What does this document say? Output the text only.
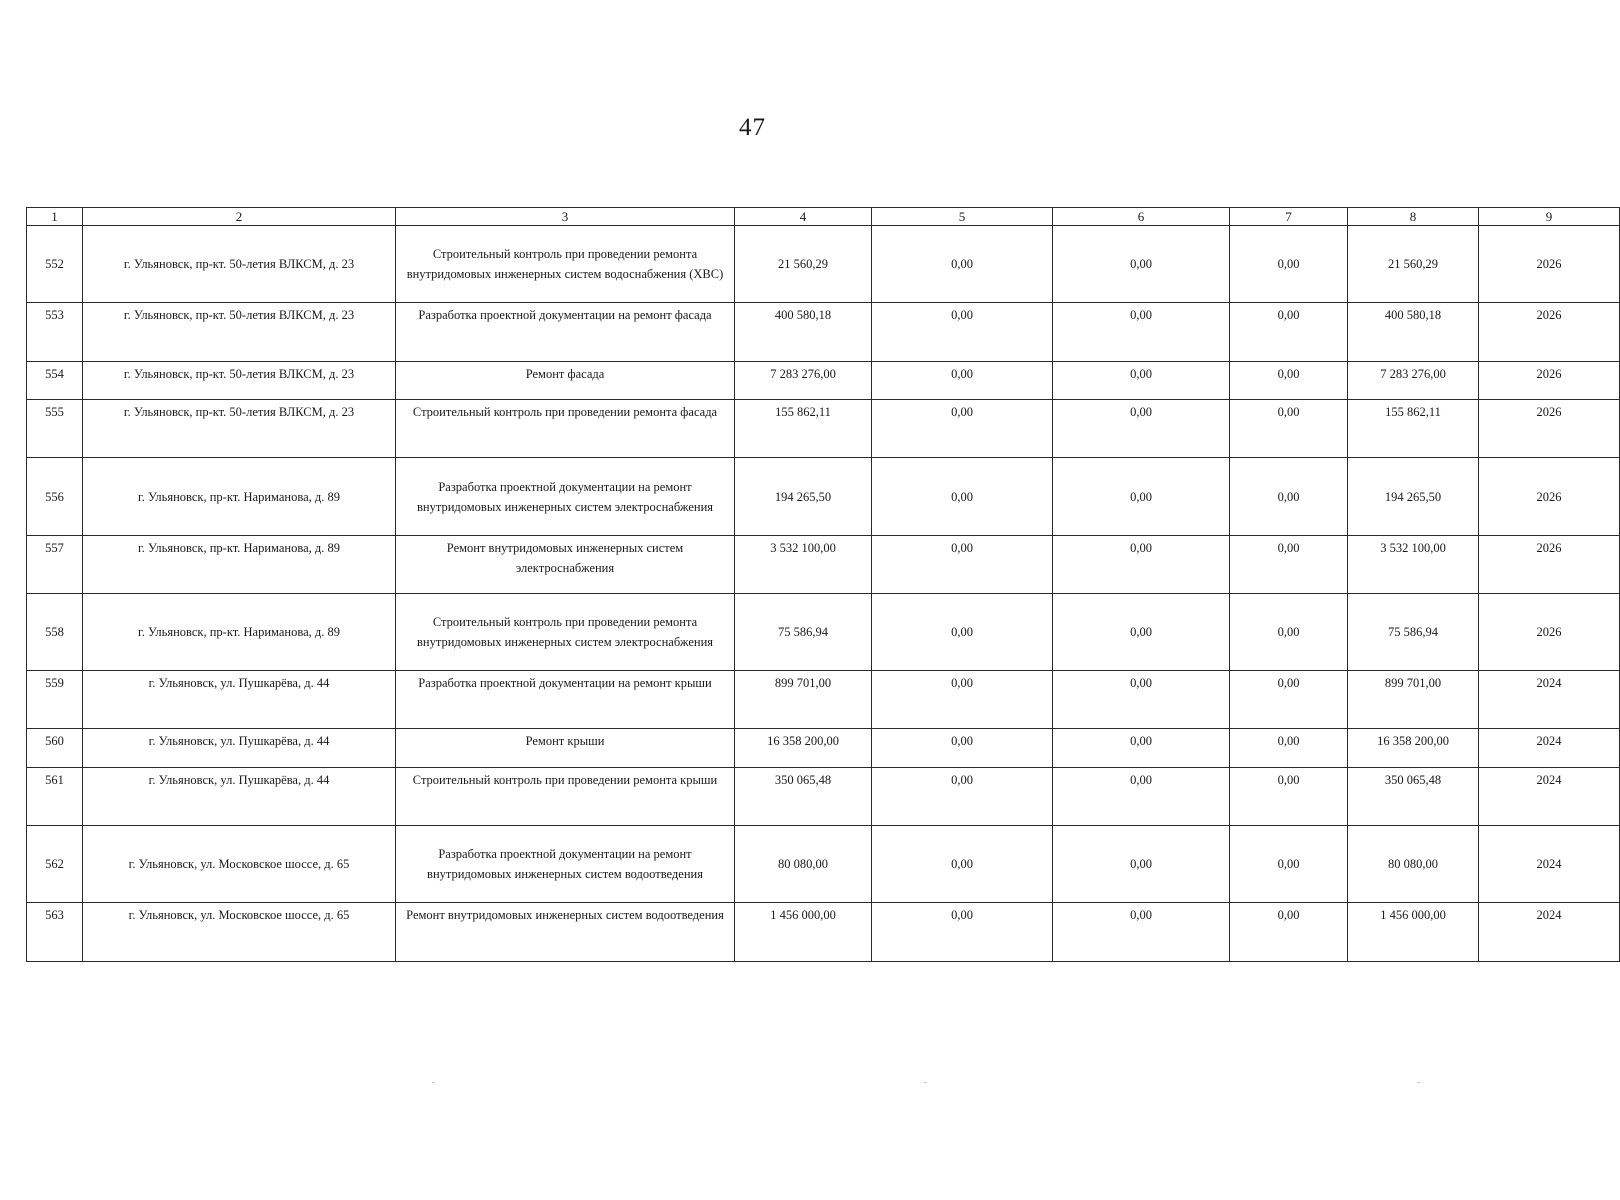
47
1	2	3	4	5	6	7	8	9
552	г. Ульяновск, пр-кт. 50-летия ВЛКСМ, д. 23	Строительный контроль при проведении ремонта внутридомовых инженерных систем водоснабжения (ХВС)	21 560,29	0,00	0,00	0,00	21 560,29	2026
553	г. Ульяновск, пр-кт. 50-летия ВЛКСМ, д. 23	Разработка проектной документации на ремонт фасада	400 580,18	0,00	0,00	0,00	400 580,18	2026
554	г. Ульяновск, пр-кт. 50-летия ВЛКСМ, д. 23	Ремонт фасада	7 283 276,00	0,00	0,00	0,00	7 283 276,00	2026
555	г. Ульяновск, пр-кт. 50-летия ВЛКСМ, д. 23	Строительный контроль при проведении ремонта фасада	155 862,11	0,00	0,00	0,00	155 862,11	2026
556	г. Ульяновск, пр-кт. Нариманова, д. 89	Разработка проектной документации на ремонт внутридомовых инженерных систем электроснабжения	194 265,50	0,00	0,00	0,00	194 265,50	2026
557	г. Ульяновск, пр-кт. Нариманова, д. 89	Ремонт внутридомовых инженерных систем электроснабжения	3 532 100,00	0,00	0,00	0,00	3 532 100,00	2026
558	г. Ульяновск, пр-кт. Нариманова, д. 89	Строительный контроль при проведении ремонта внутридомовых инженерных систем электроснабжения	75 586,94	0,00	0,00	0,00	75 586,94	2026
559	г. Ульяновск, ул. Пушкарёва, д. 44	Разработка проектной документации на ремонт крыши	899 701,00	0,00	0,00	0,00	899 701,00	2024
560	г. Ульяновск, ул. Пушкарёва, д. 44	Ремонт крыши	16 358 200,00	0,00	0,00	0,00	16 358 200,00	2024
561	г. Ульяновск, ул. Пушкарёва, д. 44	Строительный контроль при проведении ремонта крыши	350 065,48	0,00	0,00	0,00	350 065,48	2024
562	г. Ульяновск, ул. Московское шоссе, д. 65	Разработка проектной документации на ремонт внутридомовых инженерных систем водоотведения	80 080,00	0,00	0,00	0,00	80 080,00	2024
563	г. Ульяновск, ул. Московское шоссе, д. 65	Ремонт внутридомовых инженерных систем водоотведения	1 456 000,00	0,00	0,00	0,00	1 456 000,00	2024
